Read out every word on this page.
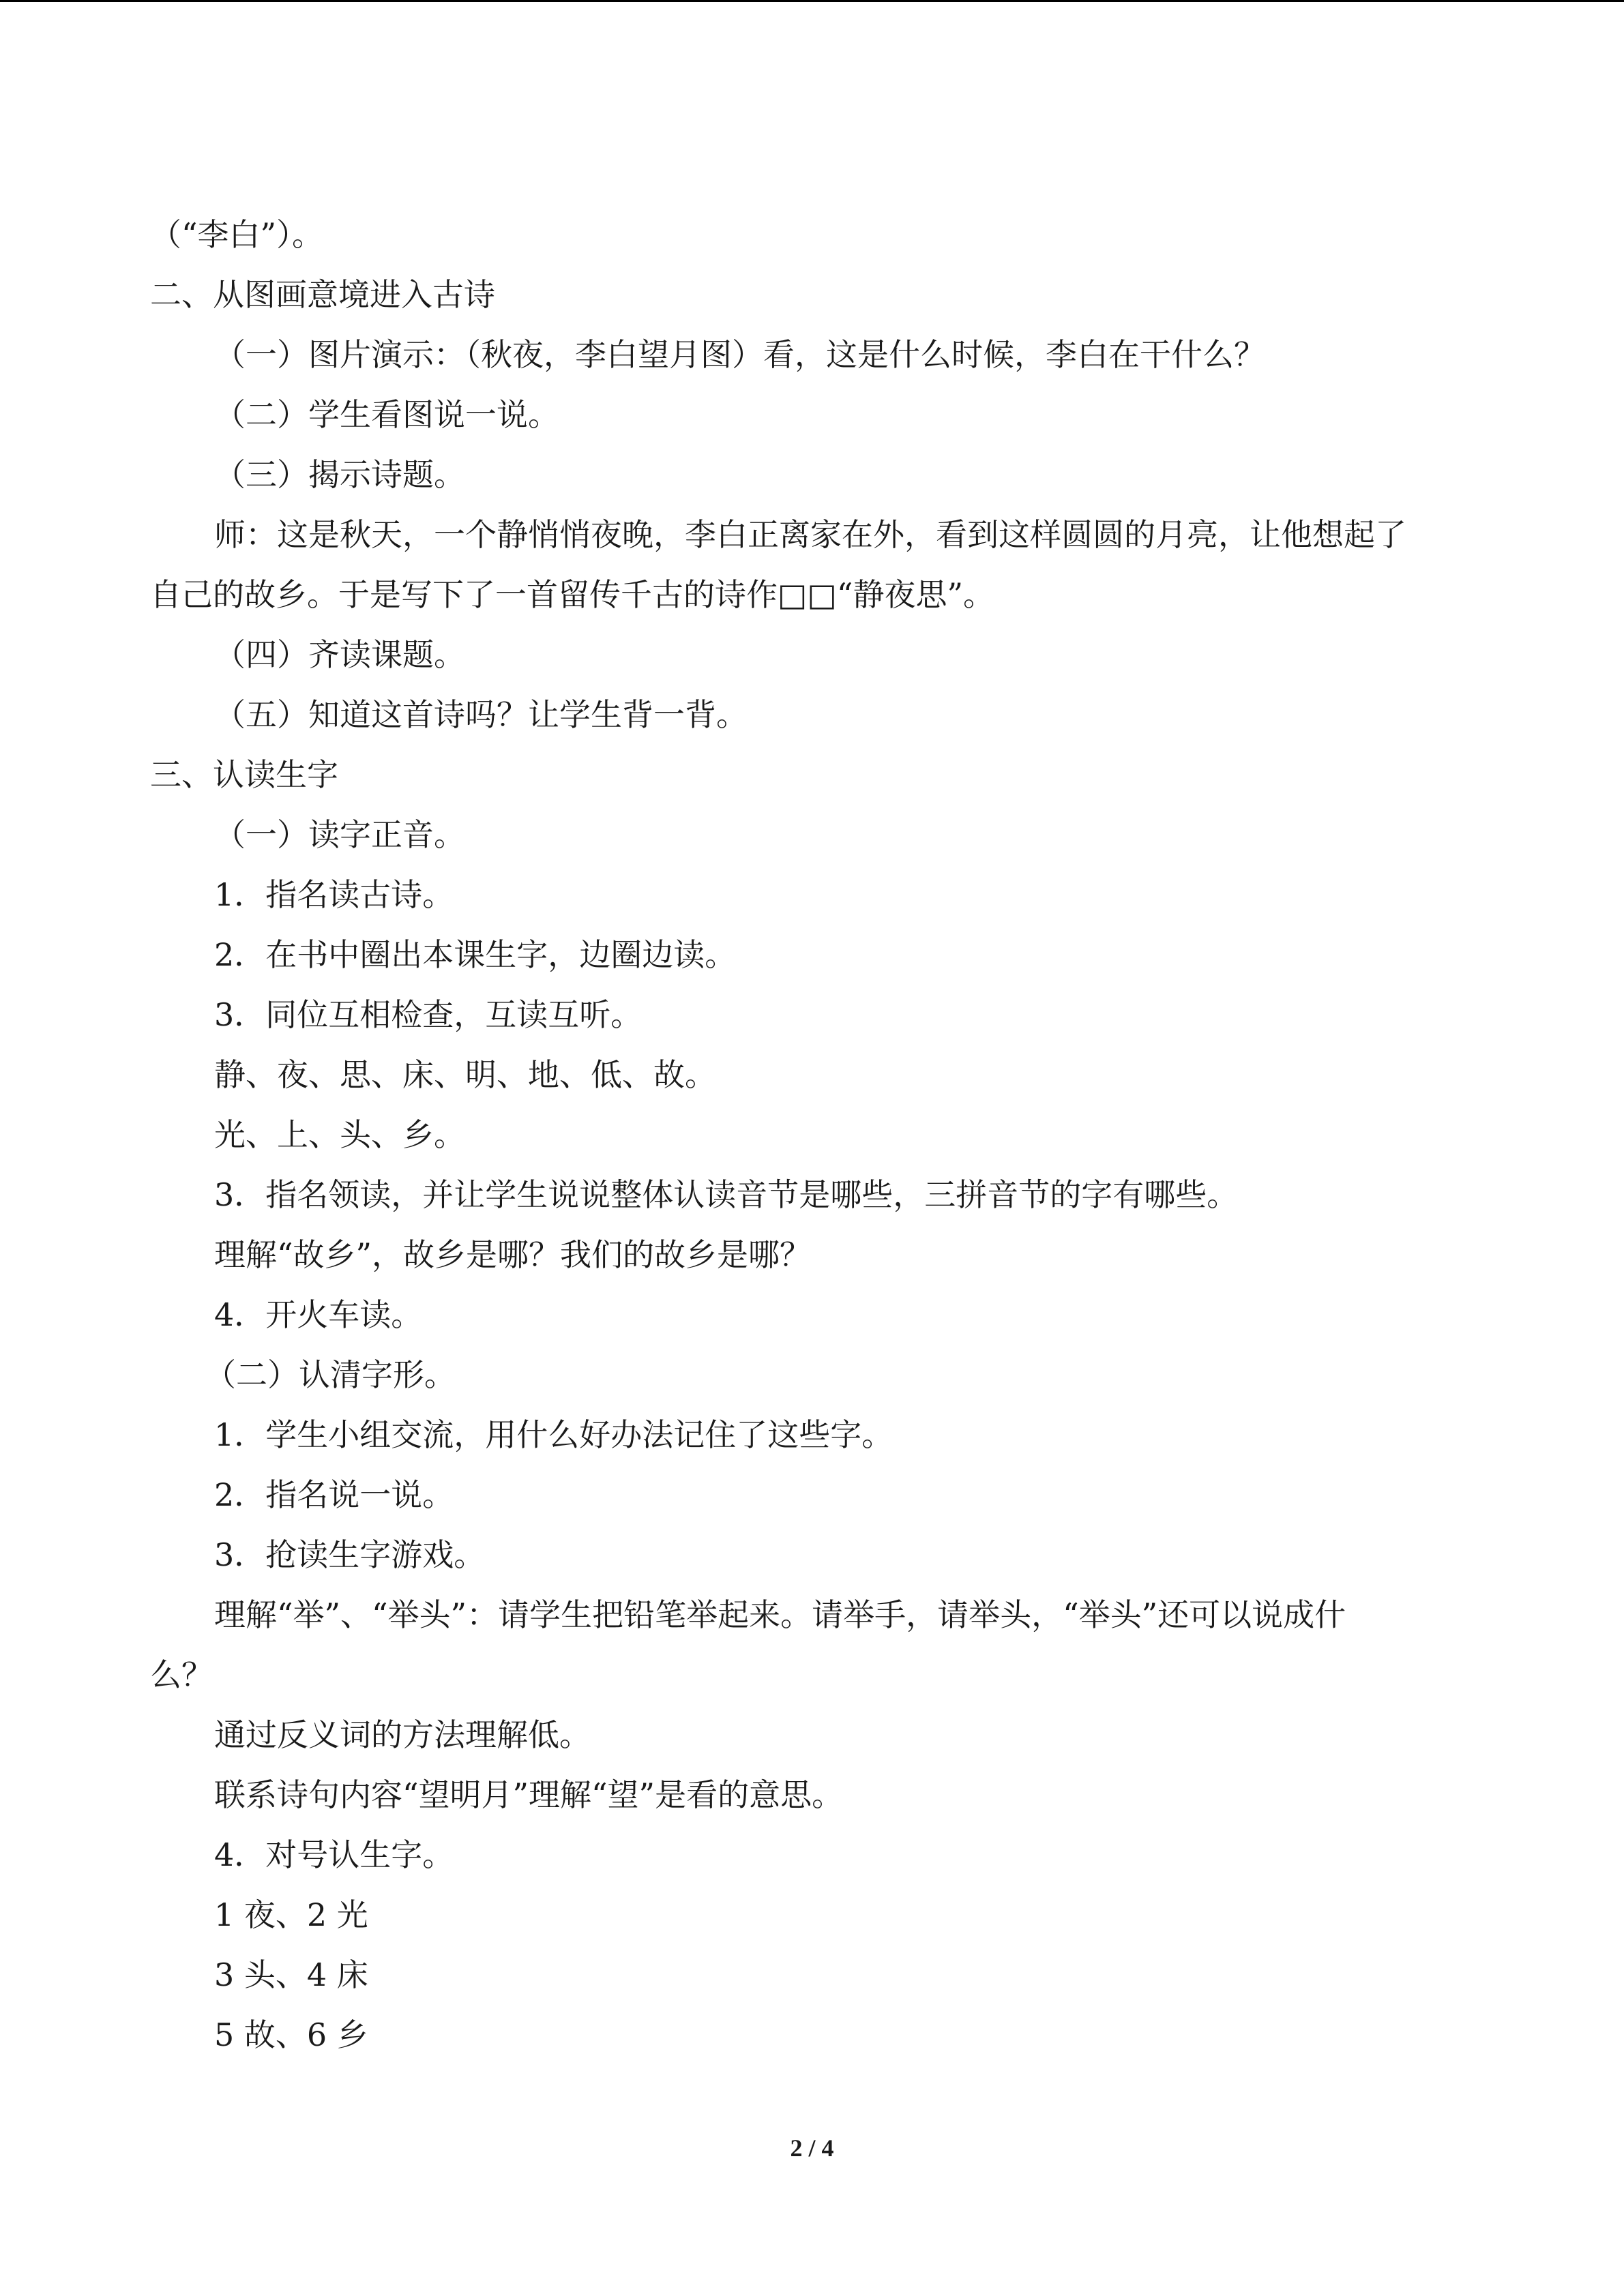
（“李白”）。
二、从图画意境进入古诗
（一）图片演示：（秋夜，李白望月图）看，这是什么时候，李白在干什么？
（二）学生看图说一说。
（三）揭示诗题。
师：这是秋天，一个静悄悄夜晚，李白正离家在外，看到这样圆圆的月亮，让他想起了
自己的故乡。于是写下了一首留传千古的诗作□□“静夜思”。
（四）齐读课题。
（五）知道这首诗吗？让学生背一背。
三、认读生字
（一）读字正音。
1．指名读古诗。
2．在书中圈出本课生字，边圈边读。
3．同位互相检查，互读互听。
静、夜、思、床、明、地、低、故。
光、上、头、乡。
3．指名领读，并让学生说说整体认读音节是哪些，三拼音节的字有哪些。
理解“故乡”，故乡是哪？我们的故乡是哪？
4．开火车读。
（二）认清字形。
1．学生小组交流，用什么好办法记住了这些字。
2．指名说一说。
3．抢读生字游戏。
理解“举”、“举头”：请学生把铅笔举起来。请举手，请举头，“举头”还可以说成什
么？
通过反义词的方法理解低。
联系诗句内容“望明月”理解“望”是看的意思。
4．对号认生字。
1 夜、2 光
3 头、4 床
5 故、6 乡
2 / 4
